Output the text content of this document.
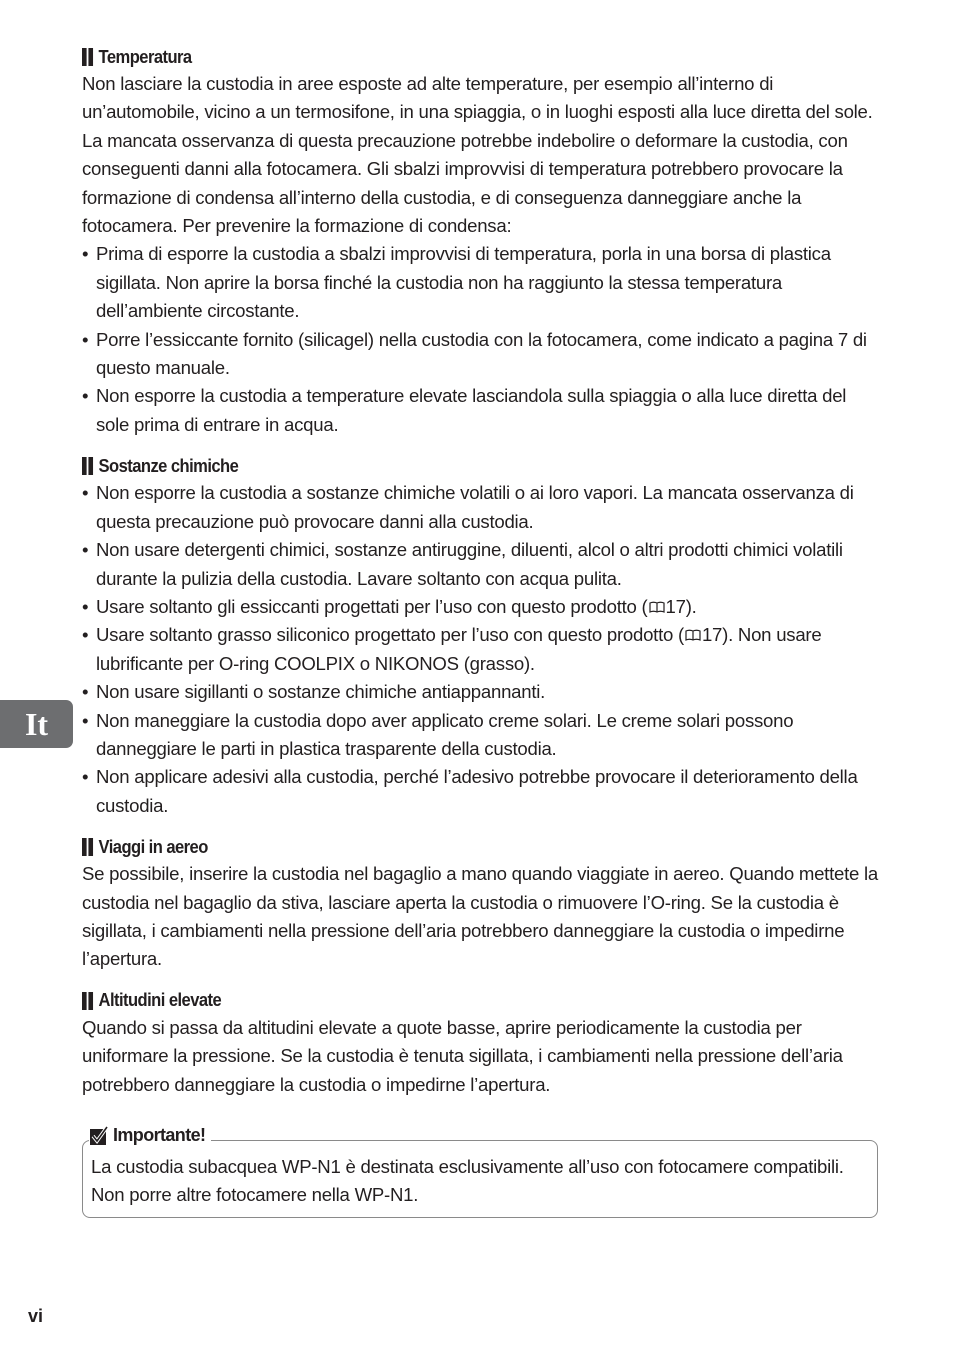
Temperatura

Non lasciare la custodia in aree esposte ad alte temperature, per esempio all’interno di un’automobile, vicino a un termosifone, in una spiaggia, o in luoghi esposti alla luce diretta del sole. La mancata osservanza di questa precauzione potrebbe indebolire o deformare la custodia, con conseguenti danni alla fotocamera. Gli sbalzi improvvisi di temperatura potrebbero provocare la formazione di condensa all’interno della custodia, e di conseguenza danneggiare anche la fotocamera. Per prevenire la formazione di condensa:

• Prima di esporre la custodia a sbalzi improvvisi di temperatura, porla in una borsa di plastica sigillata. Non aprire la borsa finché la custodia non ha raggiunto la stessa temperatura dell’ambiente circostante.
• Porre l’essiccante fornito (silicagel) nella custodia con la fotocamera, come indicato a pagina 7 di questo manuale.
• Non esporre la custodia a temperature elevate lasciandola sulla spiaggia o alla luce diretta del sole prima di entrare in acqua.
Sostanze chimiche
• Non esporre la custodia a sostanze chimiche volatili o ai loro vapori. La mancata osservanza di questa precauzione può provocare danni alla custodia.
• Non usare detergenti chimici, sostanze antiruggine, diluenti, alcol o altri prodotti chimici volatili durante la pulizia della custodia. Lavare soltanto con acqua pulita.
• Usare soltanto gli essiccanti progettati per l’uso con questo prodotto ( 17).
• Usare soltanto grasso siliconico progettato per l’uso con questo prodotto ( 17). Non usare lubrificante per O-ring COOLPIX o NIKONOS (grasso).
• Non usare sigillanti o sostanze chimiche antiappannanti.
• Non maneggiare la custodia dopo aver applicato creme solari. Le creme solari possono danneggiare le parti in plastica trasparente della custodia.
• Non applicare adesivi alla custodia, perché l’adesivo potrebbe provocare il deterioramento della custodia.
Viaggi in aereo

Se possibile, inserire la custodia nel bagaglio a mano quando viaggiate in aereo. Quando mettete la custodia nel bagaglio da stiva, lasciare aperta la custodia o rimuovere l’O-ring. Se la custodia è sigillata, i cambiamenti nella pressione dell’aria potrebbero danneggiare la custodia o impedirne l’apertura.

Altitudini elevate

Quando si passa da altitudini elevate a quote basse, aprire periodicamente la custodia per uniformare la pressione. Se la custodia è tenuta sigillata, i cambiamenti nella pressione dell’aria potrebbero danneggiare la custodia o impedirne l’apertura.

Importante!
La custodia subacquea WP-N1 è destinata esclusivamente all’uso con fotocamere compatibili. Non porre altre fotocamere nella WP-N1.
It
vi
